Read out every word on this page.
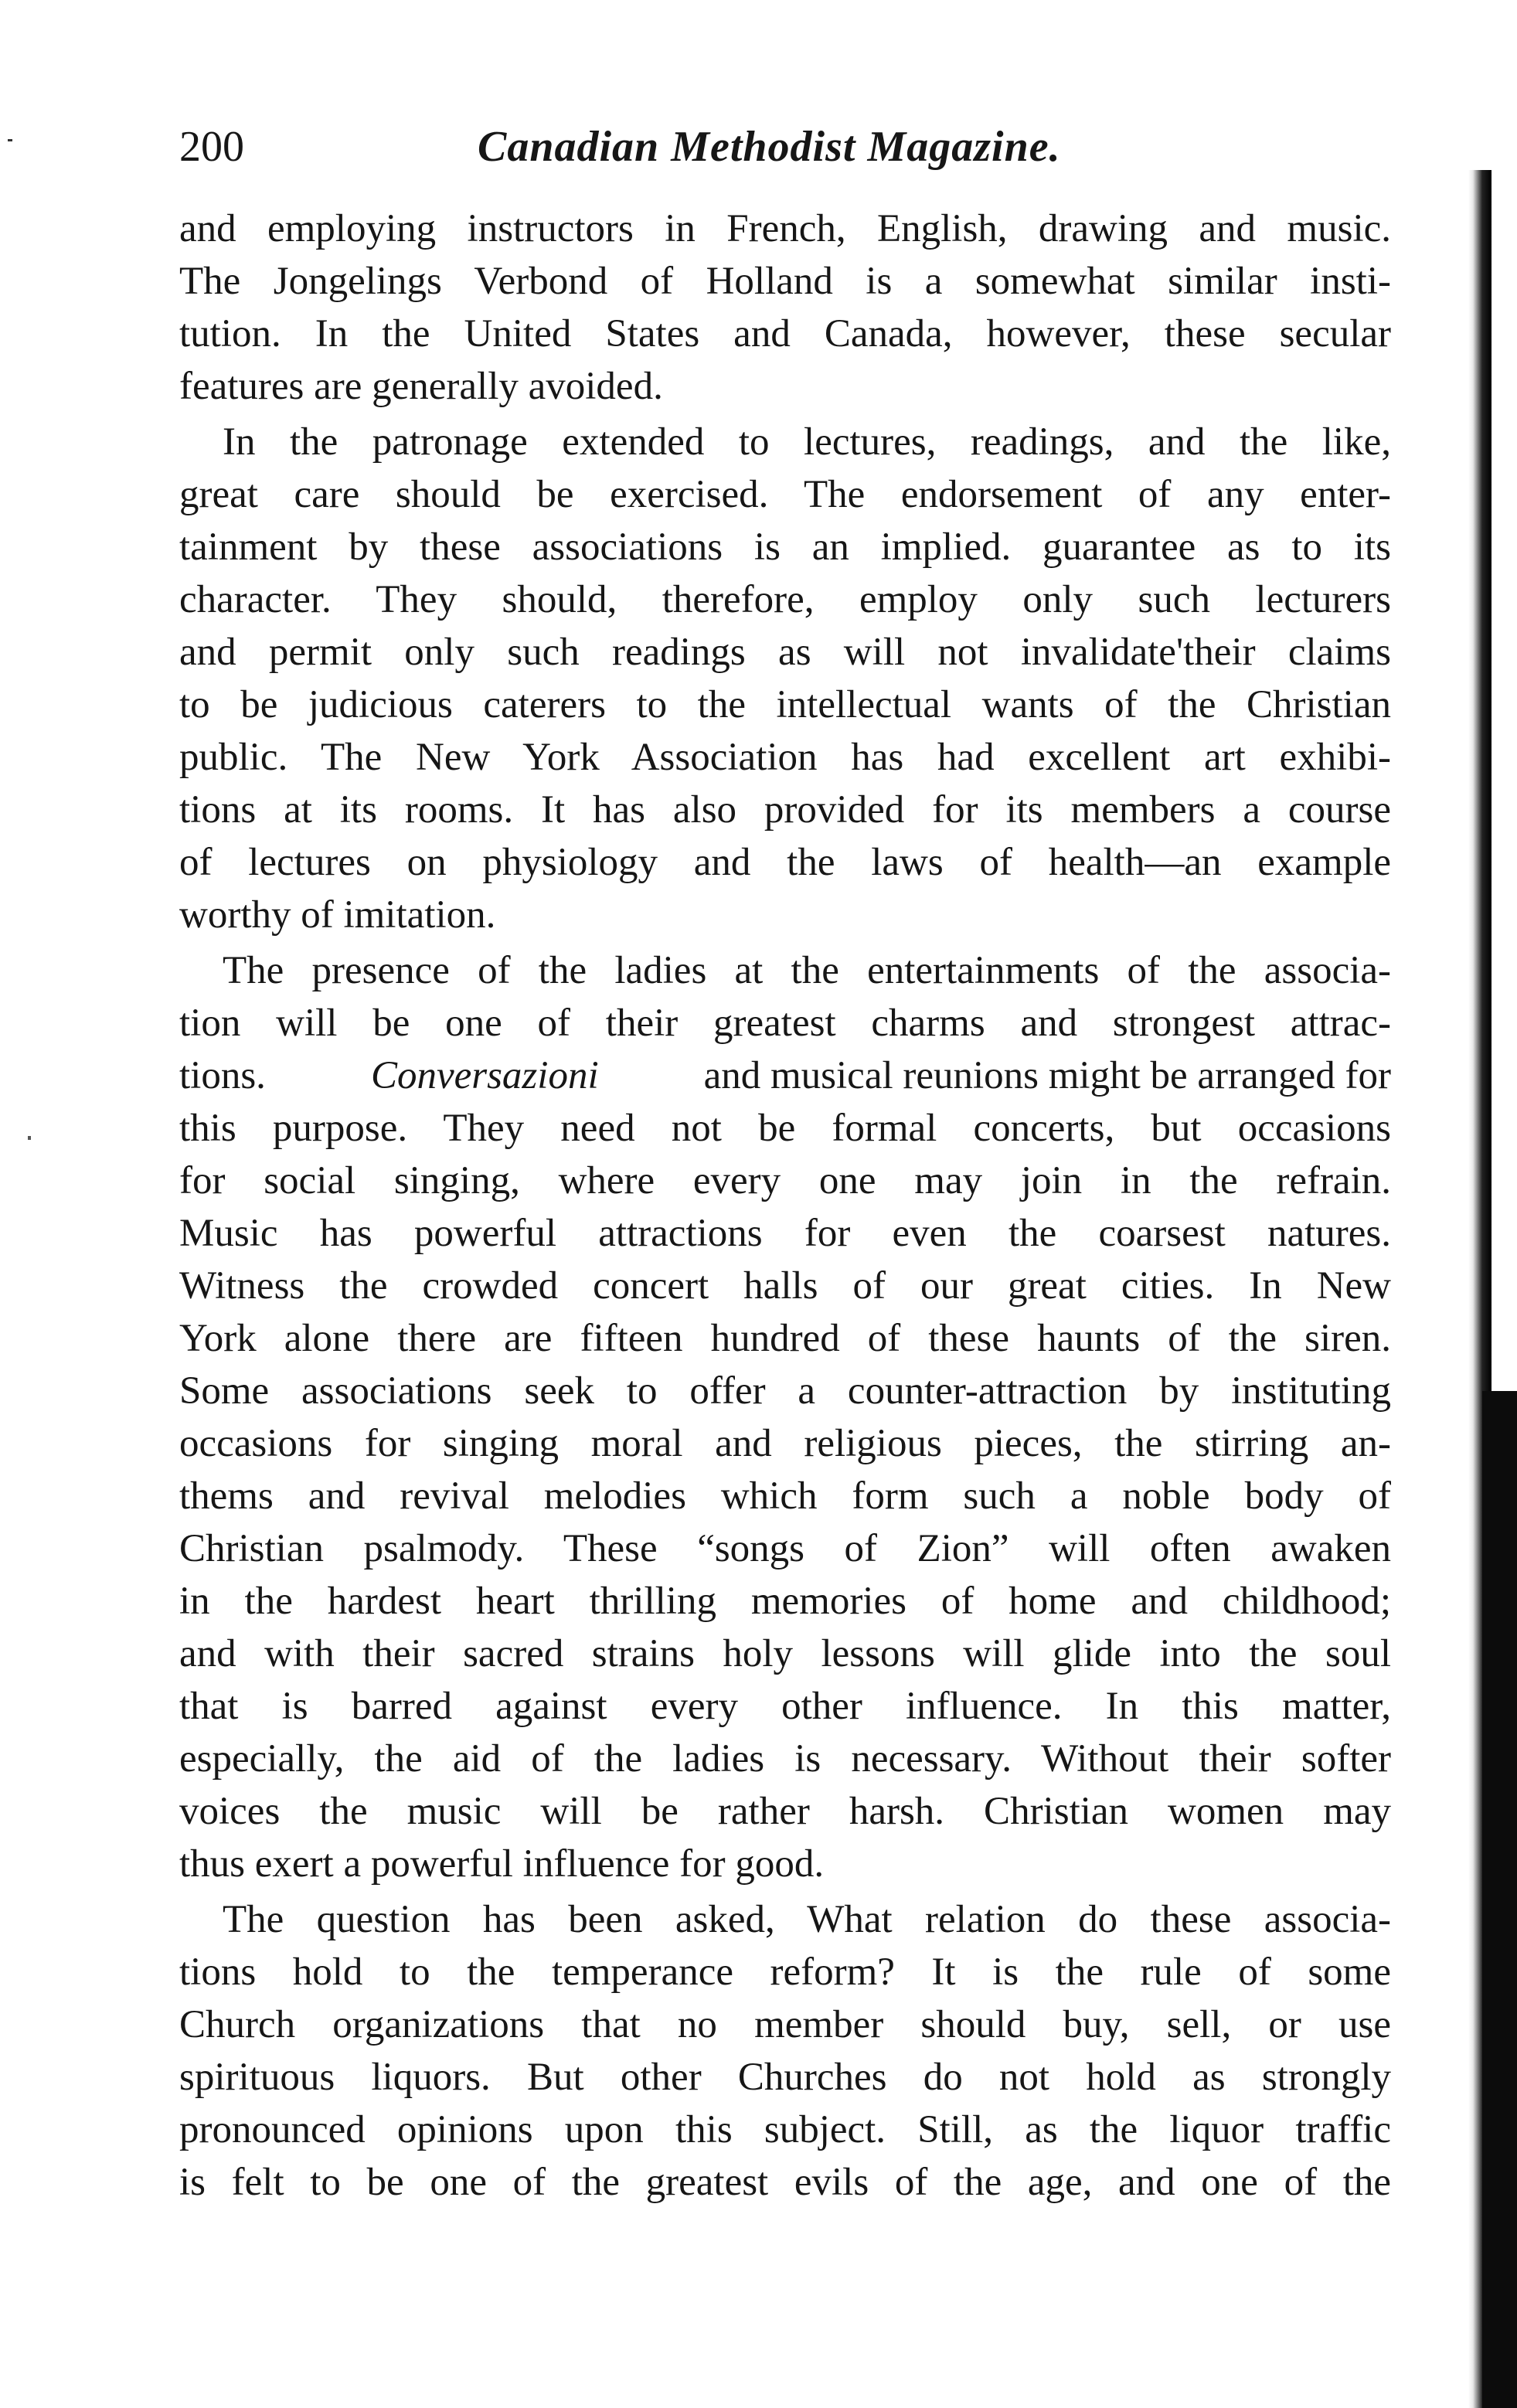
200	Canadian Methodist Magazine.
and employing instructors in French, English, drawing and music.
The Jongelings Verbond of Holland is a somewhat similar insti-
tution. In the United States and Canada, however, these secular
features are generally avoided.
In the patronage extended to lectures, readings, and the like,
great care should be exercised. The endorsement of any enter-
tainment by these associations is an implied. guarantee as to its
character. They should, therefore, employ only such lecturers
and permit only such readings as will not invalidate'their claims
to be judicious caterers to the intellectual wants of the Christian
public. The New York Association has had excellent art exhibi-
tions at its rooms. It has also provided for its members a course
of lectures on physiology and the laws of health—an example
worthy of imitation.
The presence of the ladies at the entertainments of the associa-
tion will be one of their greatest charms and strongest attrac-
tions.	Conversazioni	and musical reunions might be arranged for
this purpose. They need not be formal concerts, but occasions
for social singing, where every one may join in the refrain.
Music has powerful attractions for even the coarsest natures.
Witness the crowded concert halls of our great cities. In New
York alone there are fifteen hundred of these haunts of the siren.
Some associations seek to offer a counter-attraction by instituting
occasions for singing moral and religious pieces, the stirring an-
thems and revival melodies which form such a noble body of
Christian psalmody. These “songs of Zion” will often awaken
in the hardest heart thrilling memories of home and childhood;
and with their sacred strains holy lessons will glide into the soul
that is barred against every other influence. In this matter,
especially, the aid of the ladies is necessary. Without their softer
voices the music will be rather harsh. Christian women may
thus exert a powerful influence for good.
The question has been asked, What relation do these associa-
tions hold to the temperance reform? It is the rule of some
Church organizations that no member should buy, sell, or use
spirituous liquors. But other Churches do not hold as strongly
pronounced opinions upon this subject. Still, as the liquor traffic
is felt to be one of the greatest evils of the age, and one of the
